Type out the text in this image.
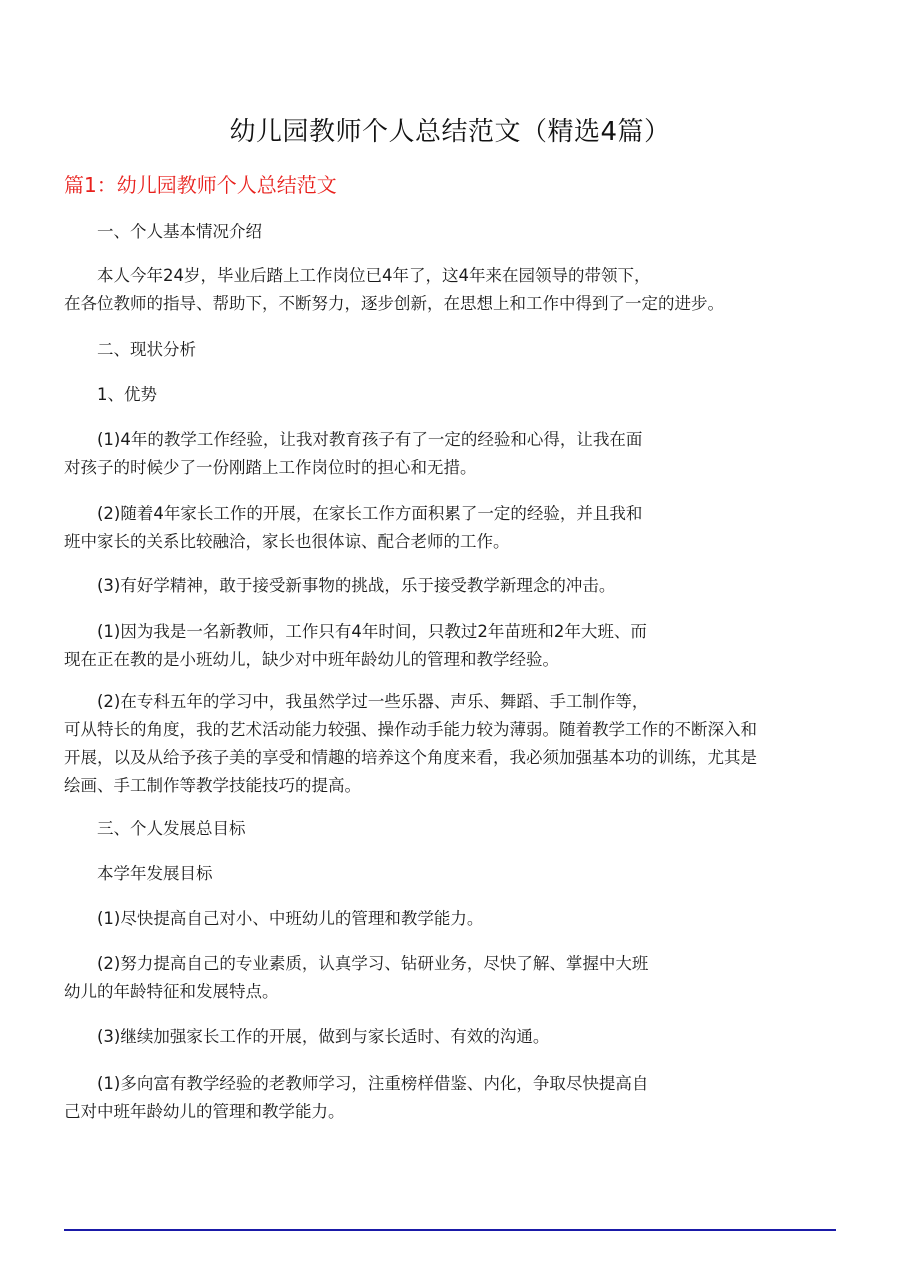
幼儿园教师个人总结范文（精选4篇）
篇1：幼儿园教师个人总结范文
一、个人基本情况介绍
本人今年24岁，毕业后踏上工作岗位已4年了，这4年来在园领导的带领下，
在各位教师的指导、帮助下，不断努力，逐步创新，在思想上和工作中得到了一定的进步。
二、现状分析
1、优势
(1)4年的教学工作经验，让我对教育孩子有了一定的经验和心得，让我在面
对孩子的时候少了一份刚踏上工作岗位时的担心和无措。
(2)随着4年家长工作的开展，在家长工作方面积累了一定的经验，并且我和
班中家长的关系比较融洽，家长也很体谅、配合老师的工作。
(3)有好学精神，敢于接受新事物的挑战，乐于接受教学新理念的冲击。
(1)因为我是一名新教师，工作只有4年时间，只教过2年苗班和2年大班、而
现在正在教的是小班幼儿，缺少对中班年龄幼儿的管理和教学经验。
(2)在专科五年的学习中，我虽然学过一些乐器、声乐、舞蹈、手工制作等，
可从特长的角度，我的艺术活动能力较强、操作动手能力较为薄弱。随着教学工作的不断深入和
开展，以及从给予孩子美的享受和情趣的培养这个角度来看，我必须加强基本功的训练，尤其是
绘画、手工制作等教学技能技巧的提高。
三、个人发展总目标
本学年发展目标
(1)尽快提高自己对小、中班幼儿的管理和教学能力。
(2)努力提高自己的专业素质，认真学习、钻研业务，尽快了解、掌握中大班
幼儿的年龄特征和发展特点。
(3)继续加强家长工作的开展，做到与家长适时、有效的沟通。
(1)多向富有教学经验的老教师学习，注重榜样借鉴、内化，争取尽快提高自
己对中班年龄幼儿的管理和教学能力。
